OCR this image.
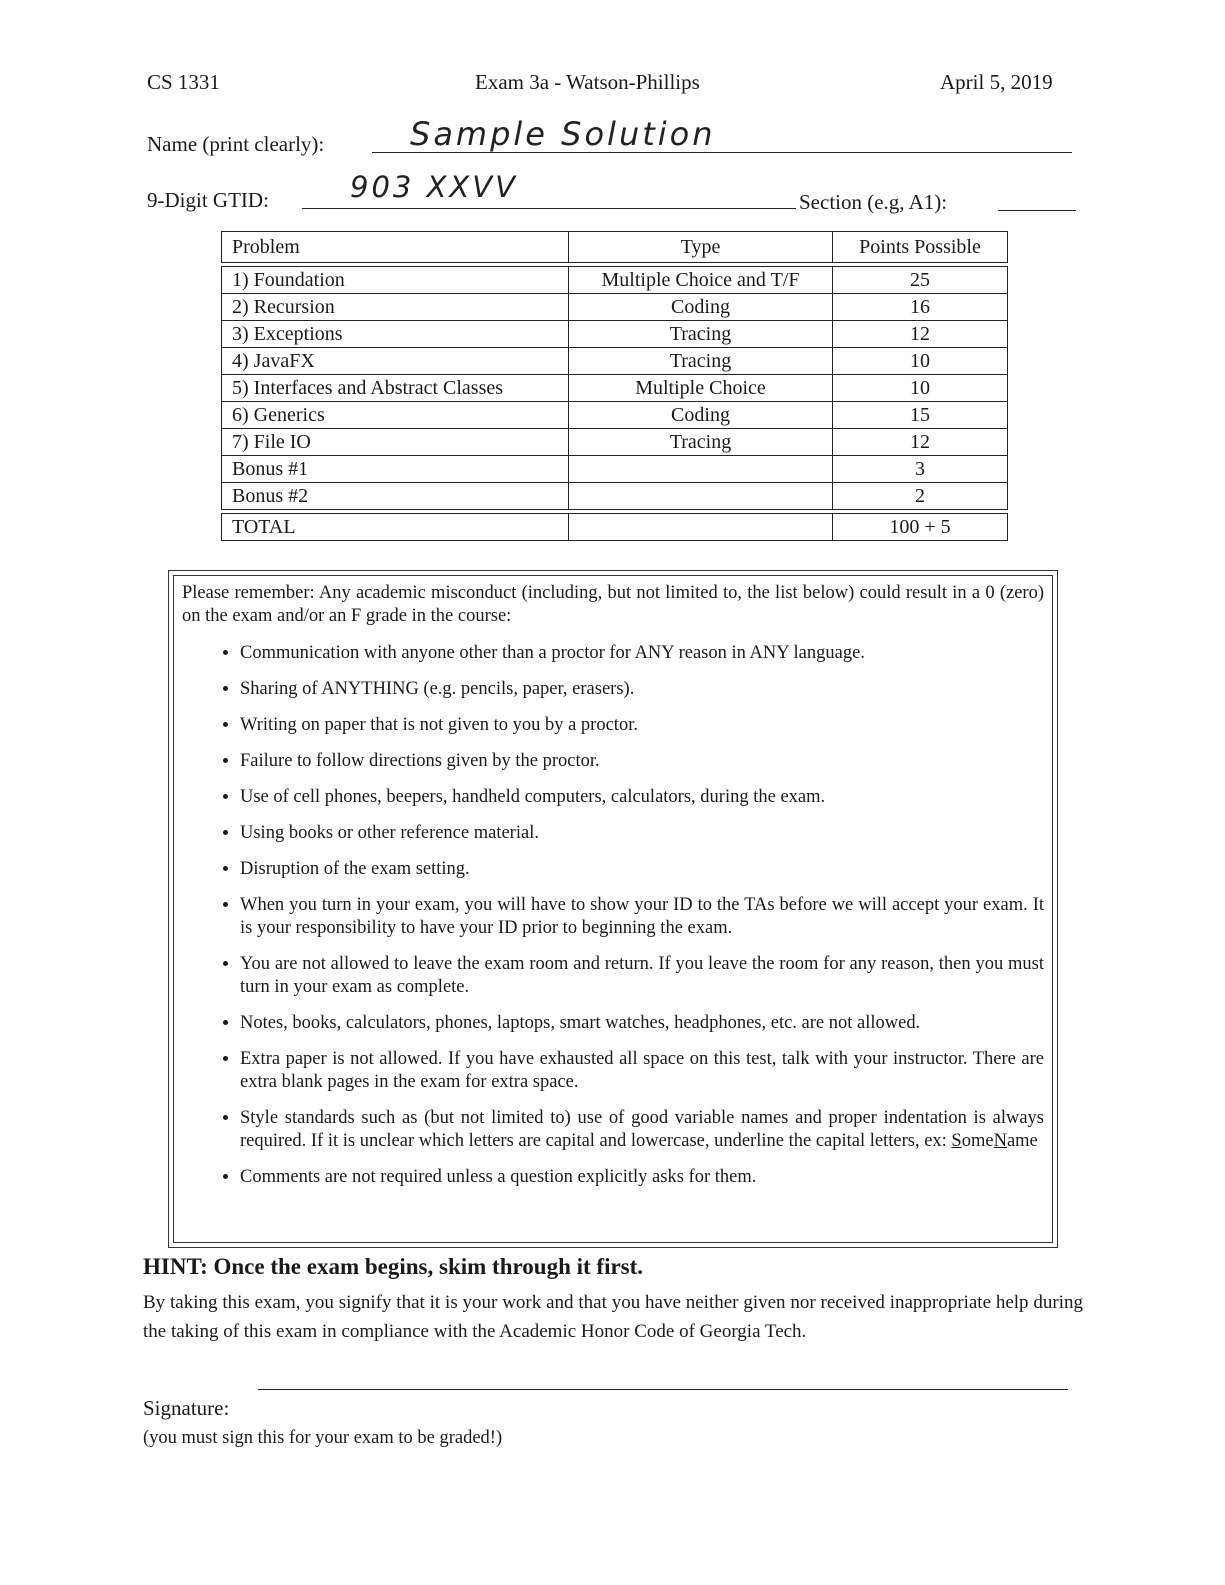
CS 1331	Exam 3a - Watson-Phillips	April 5, 2019
Name (print clearly):	Sample Solution
9-Digit GTID:	903 XXVV	Section (e.g, A1):
Problem	Type	Points Possible

1) Foundation	Multiple Choice and T/F	25
2) Recursion	Coding	16
3) Exceptions	Tracing	12
4) JavaFX	Tracing	10
5) Interfaces and Abstract Classes	Multiple Choice	10
6) Generics	Coding	15
7) File IO	Tracing	12
Bonus #1		3
Bonus #2		2

TOTAL		100 + 5
Please remember: Any academic misconduct (including, but not limited to, the list below) could result in a 0 (zero) on the exam and/or an F grade in the course:
• Communication with anyone other than a proctor for ANY reason in ANY language.
• Sharing of ANYTHING (e.g. pencils, paper, erasers).
• Writing on paper that is not given to you by a proctor.
• Failure to follow directions given by the proctor.
• Use of cell phones, beepers, handheld computers, calculators, during the exam.
• Using books or other reference material.
• Disruption of the exam setting.
• When you turn in your exam, you will have to show your ID to the TAs before we will accept your exam. It is your responsibility to have your ID prior to beginning the exam.
• You are not allowed to leave the exam room and return. If you leave the room for any reason, then you must turn in your exam as complete.
• Notes, books, calculators, phones, laptops, smart watches, headphones, etc. are not allowed.
• Extra paper is not allowed. If you have exhausted all space on this test, talk with your instructor. There are extra blank pages in the exam for extra space.
• Style standards such as (but not limited to) use of good variable names and proper indentation is always required. If it is unclear which letters are capital and lowercase, underline the capital letters, ex: SomeName
• Comments are not required unless a question explicitly asks for them.
HINT: Once the exam begins, skim through it first.
By taking this exam, you signify that it is your work and that you have neither given nor received inappropriate help during the taking of this exam in compliance with the Academic Honor Code of Georgia Tech.
Signature:
(you must sign this for your exam to be graded!)
